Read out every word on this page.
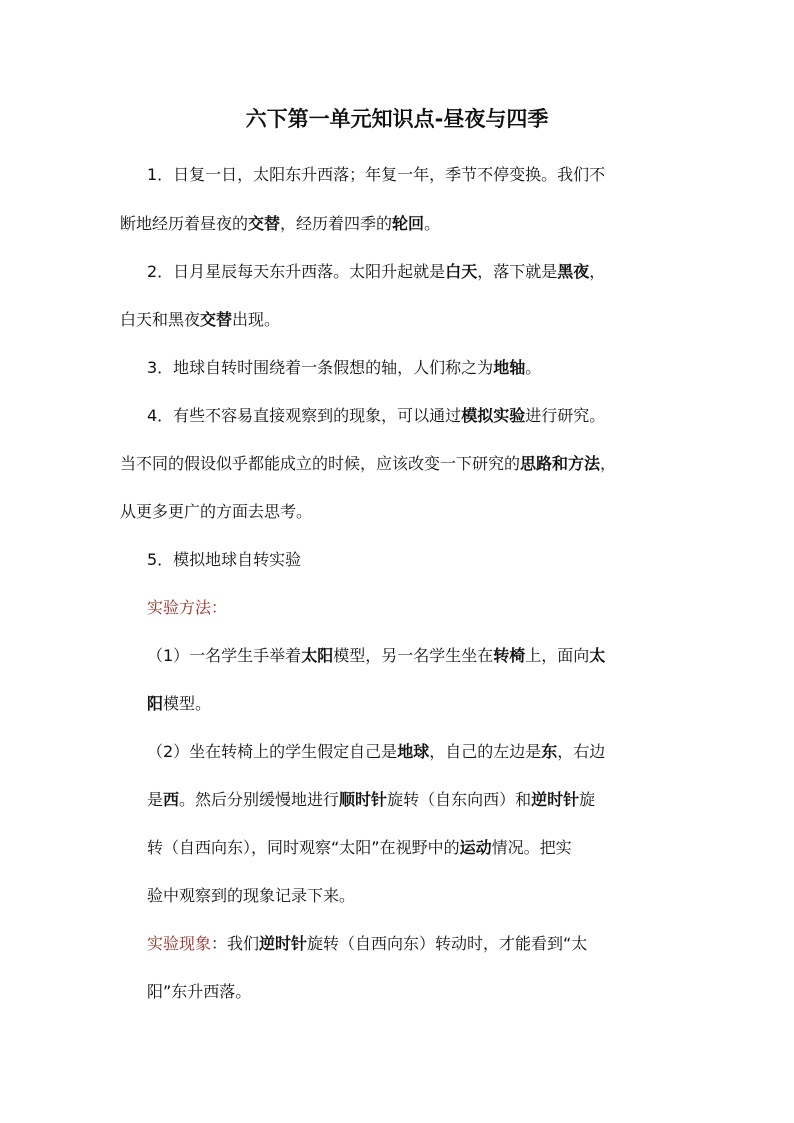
六下第一单元知识点-昼夜与四季
1．日复一日，太阳东升西落；年复一年，季节不停变换。我们不
断地经历着昼夜的交替，经历着四季的轮回。
2．日月星辰每天东升西落。太阳升起就是白天，落下就是黑夜，
白天和黑夜交替出现。
3．地球自转时围绕着一条假想的轴，人们称之为地轴。
4．有些不容易直接观察到的现象，可以通过模拟实验进行研究。
当不同的假设似乎都能成立的时候，应该改变一下研究的思路和方法，
从更多更广的方面去思考。
5．模拟地球自转实验
实验方法：
（1）一名学生手举着太阳模型，另一名学生坐在转椅上，面向太
阳模型。
（2）坐在转椅上的学生假定自己是地球，自己的左边是东，右边
是西。然后分别缓慢地进行顺时针旋转（自东向西）和逆时针旋
转（自西向东），同时观察“太阳”在视野中的运动情况。把实
验中观察到的现象记录下来。
实验现象：我们逆时针旋转（自西向东）转动时，才能看到“太
阳”东升西落。
